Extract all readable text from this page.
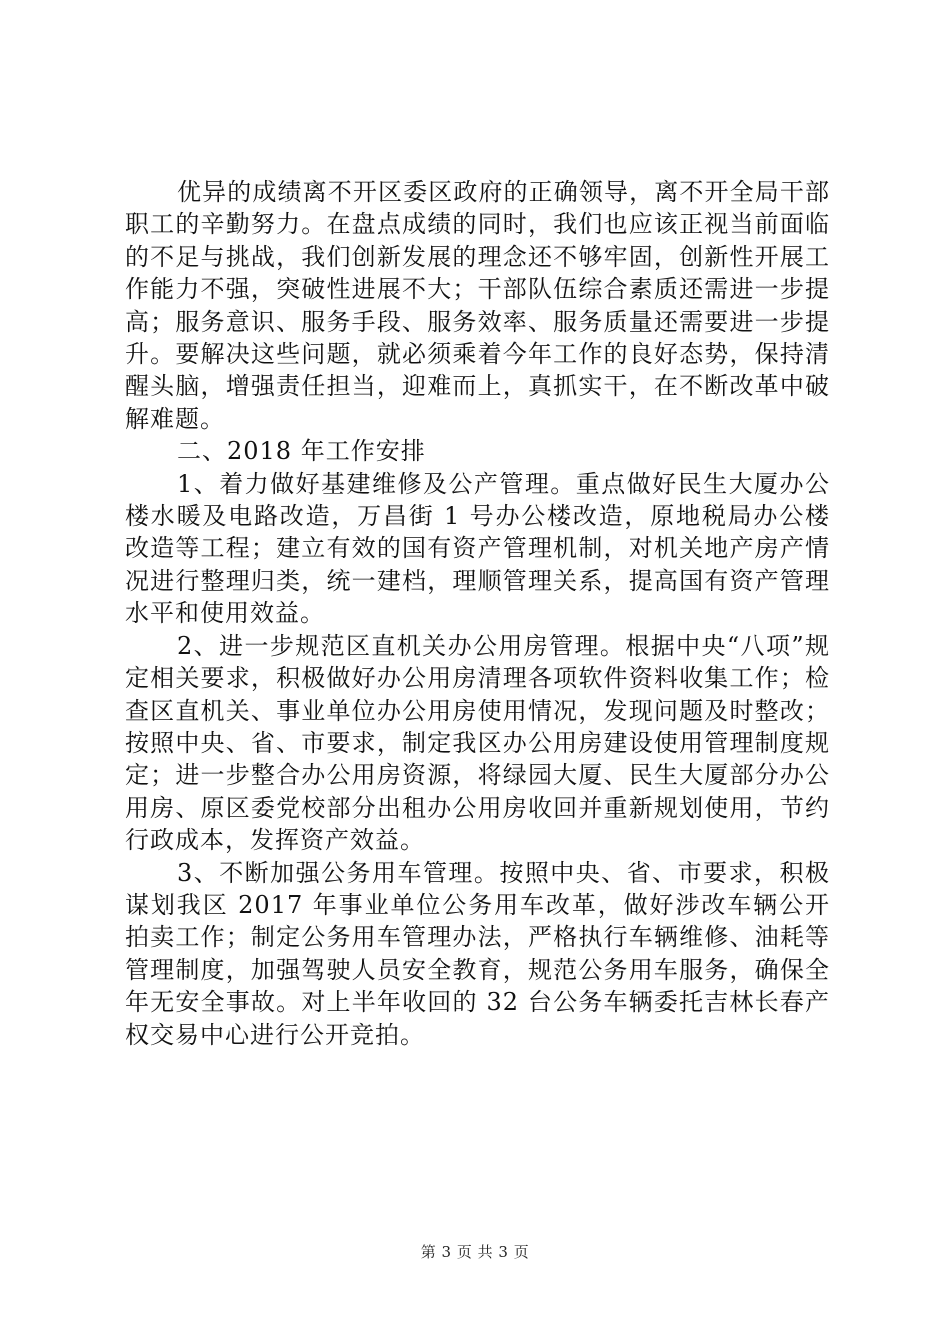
优异的成绩离不开区委区政府的正确领导，离不开全局干部职工的辛勤努力。在盘点成绩的同时，我们也应该正视当前面临的不足与挑战，我们创新发展的理念还不够牢固，创新性开展工作能力不强，突破性进展不大；干部队伍综合素质还需进一步提高；服务意识、服务手段、服务效率、服务质量还需要进一步提升。要解决这些问题，就必须乘着今年工作的良好态势，保持清醒头脑，增强责任担当，迎难而上，真抓实干，在不断改革中破解难题。

二、2018 年工作安排

1、着力做好基建维修及公产管理。重点做好民生大厦办公楼水暖及电路改造，万昌街 1 号办公楼改造，原地税局办公楼改造等工程；建立有效的国有资产管理机制，对机关地产房产情况进行整理归类，统一建档，理顺管理关系，提高国有资产管理水平和使用效益。

2、进一步规范区直机关办公用房管理。根据中央“八项”规定相关要求，积极做好办公用房清理各项软件资料收集工作；检查区直机关、事业单位办公用房使用情况，发现问题及时整改；按照中央、省、市要求，制定我区办公用房建设使用管理制度规定；进一步整合办公用房资源，将绿园大厦、民生大厦部分办公用房、原区委党校部分出租办公用房收回并重新规划使用，节约行政成本，发挥资产效益。

3、不断加强公务用车管理。按照中央、省、市要求，积极谋划我区 2017 年事业单位公务用车改革，做好涉改车辆公开拍卖工作；制定公务用车管理办法，严格执行车辆维修、油耗等管理制度，加强驾驶人员安全教育，规范公务用车服务，确保全年无安全事故。对上半年收回的 32 台公务车辆委托吉林长春产权交易中心进行公开竞拍。

第 3 页 共 3 页
